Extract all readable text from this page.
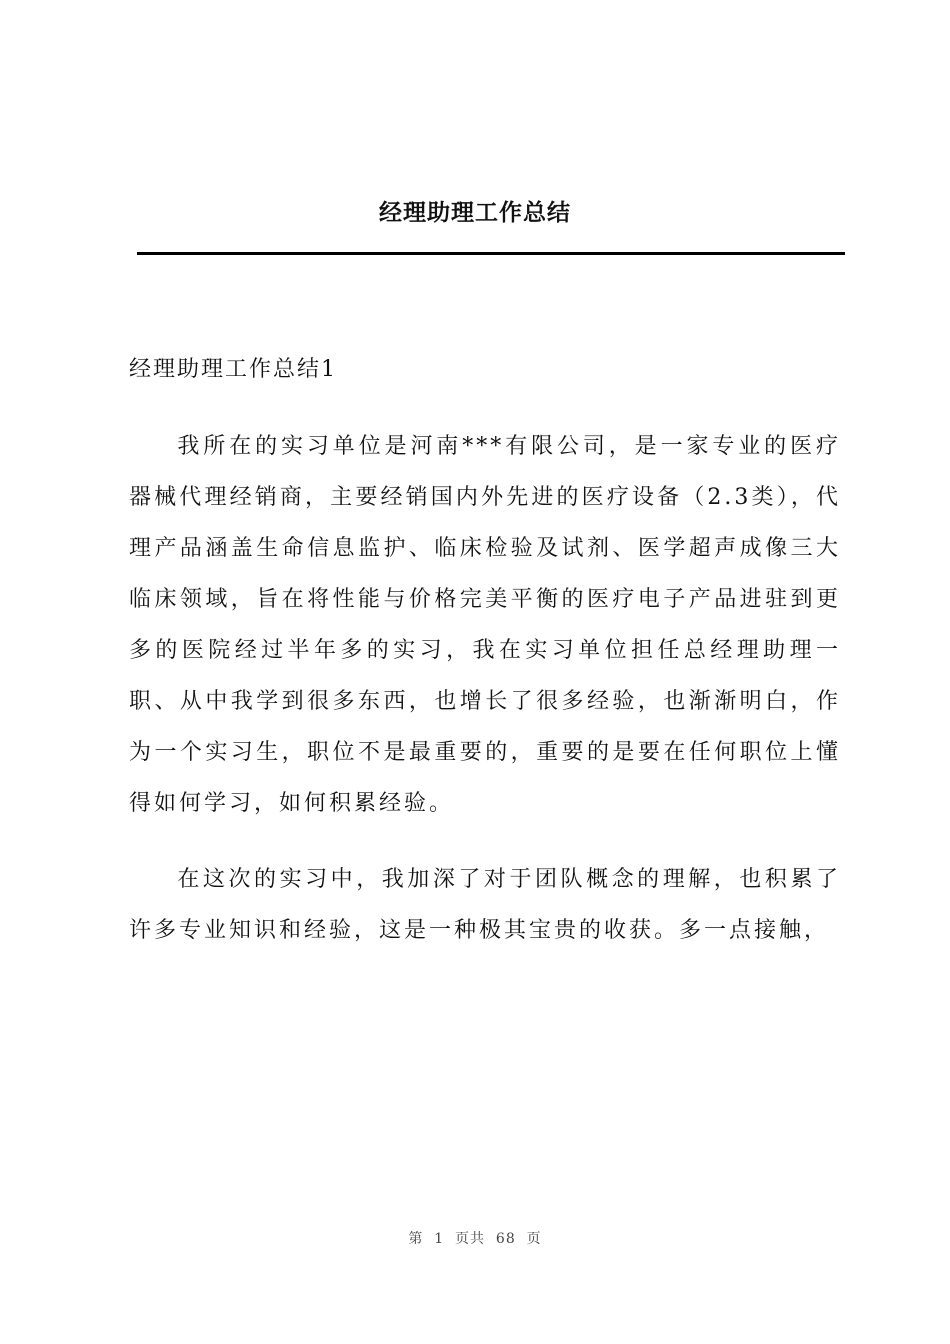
经理助理工作总结
经理助理工作总结1

我所在的实习单位是河南***有限公司，是一家专业的医疗器械代理经销商，主要经销国内外先进的医疗设备（2.3类），代理产品涵盖生命信息监护、临床检验及试剂、医学超声成像三大临床领域，旨在将性能与价格完美平衡的医疗电子产品进驻到更多的医院经过半年多的实习，我在实习单位担任总经理助理一职、从中我学到很多东西，也增长了很多经验，也渐渐明白，作为一个实习生，职位不是最重要的，重要的是要在任何职位上懂得如何学习，如何积累经验。

在这次的实习中，我加深了对于团队概念的理解，也积累了许多专业知识和经验，这是一种极其宝贵的收获。多一点接触，

第  1  页共  68  页
